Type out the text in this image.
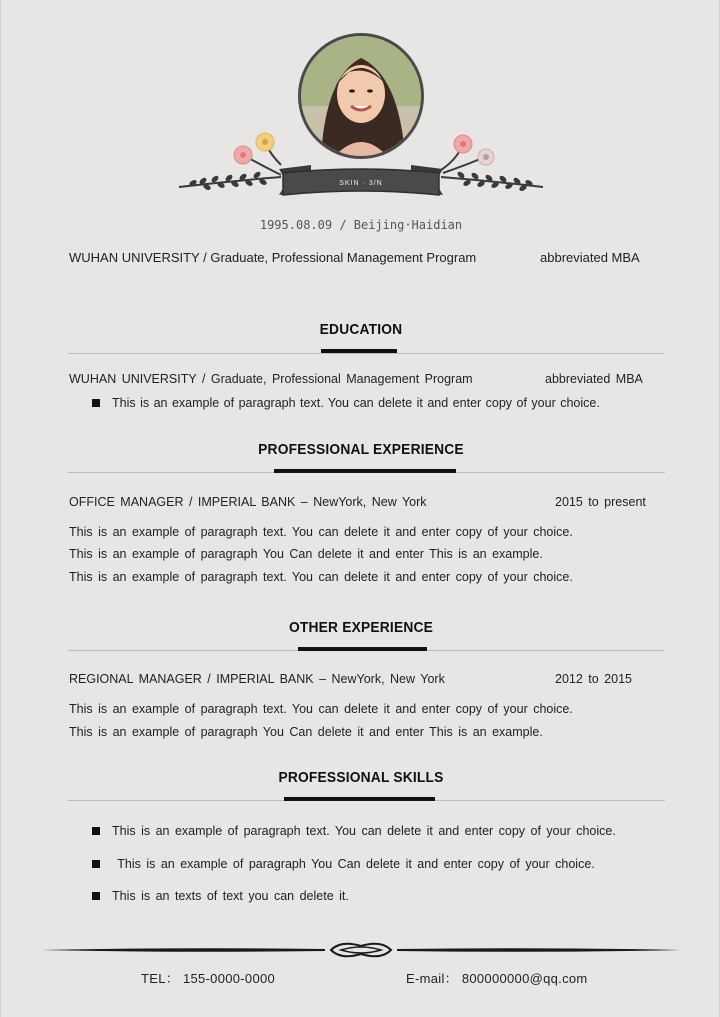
SKIN · 3/N
1995.08.09 / Beijing·Haidian
WUHAN UNIVERSITY / Graduate, Professional Management Program	abbreviated MBA
EDUCATION
WUHAN UNIVERSITY / Graduate, Professional Management Program	abbreviated MBA
This is an example of paragraph text. You can delete it and enter copy of your choice.
PROFESSIONAL EXPERIENCE
OFFICE MANAGER / IMPERIAL BANK – NewYork, New York	2015 to present
This is an example of paragraph text. You can delete it and enter copy of your choice.
This is an example of paragraph You Can delete it and enter This is an example.
This is an example of paragraph text. You can delete it and enter copy of your choice.
OTHER EXPERIENCE
REGIONAL MANAGER / IMPERIAL BANK – NewYork, New York	2012 to 2015
This is an example of paragraph text. You can delete it and enter copy of your choice.
This is an example of paragraph You Can delete it and enter This is an example.
PROFESSIONAL SKILLS
This is an example of paragraph text. You can delete it and enter copy of your choice.
This is an example of paragraph You Can delete it and enter copy of your choice.
This is an texts of text you can delete it.
TEL： 155-0000-0000	E-mail： 800000000@qq.com
